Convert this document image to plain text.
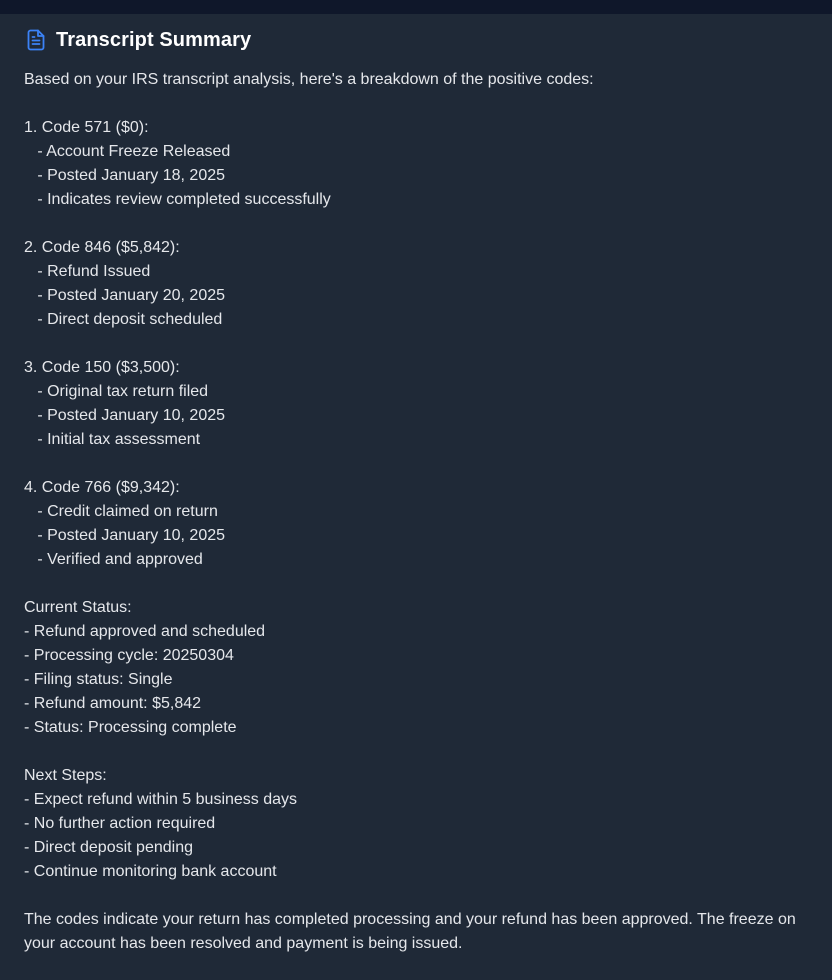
Transcript Summary
Based on your IRS transcript analysis, here's a breakdown of the positive codes:
1. Code 571 ($0):
- Account Freeze Released
- Posted January 18, 2025
- Indicates review completed successfully
2. Code 846 ($5,842):
- Refund Issued
- Posted January 20, 2025
- Direct deposit scheduled
3. Code 150 ($3,500):
- Original tax return filed
- Posted January 10, 2025
- Initial tax assessment
4. Code 766 ($9,342):
- Credit claimed on return
- Posted January 10, 2025
- Verified and approved
Current Status:
- Refund approved and scheduled
- Processing cycle: 20250304
- Filing status: Single
- Refund amount: $5,842
- Status: Processing complete
Next Steps:
- Expect refund within 5 business days
- No further action required
- Direct deposit pending
- Continue monitoring bank account
The codes indicate your return has completed processing and your refund has been approved. The freeze on your account has been resolved and payment is being issued.
